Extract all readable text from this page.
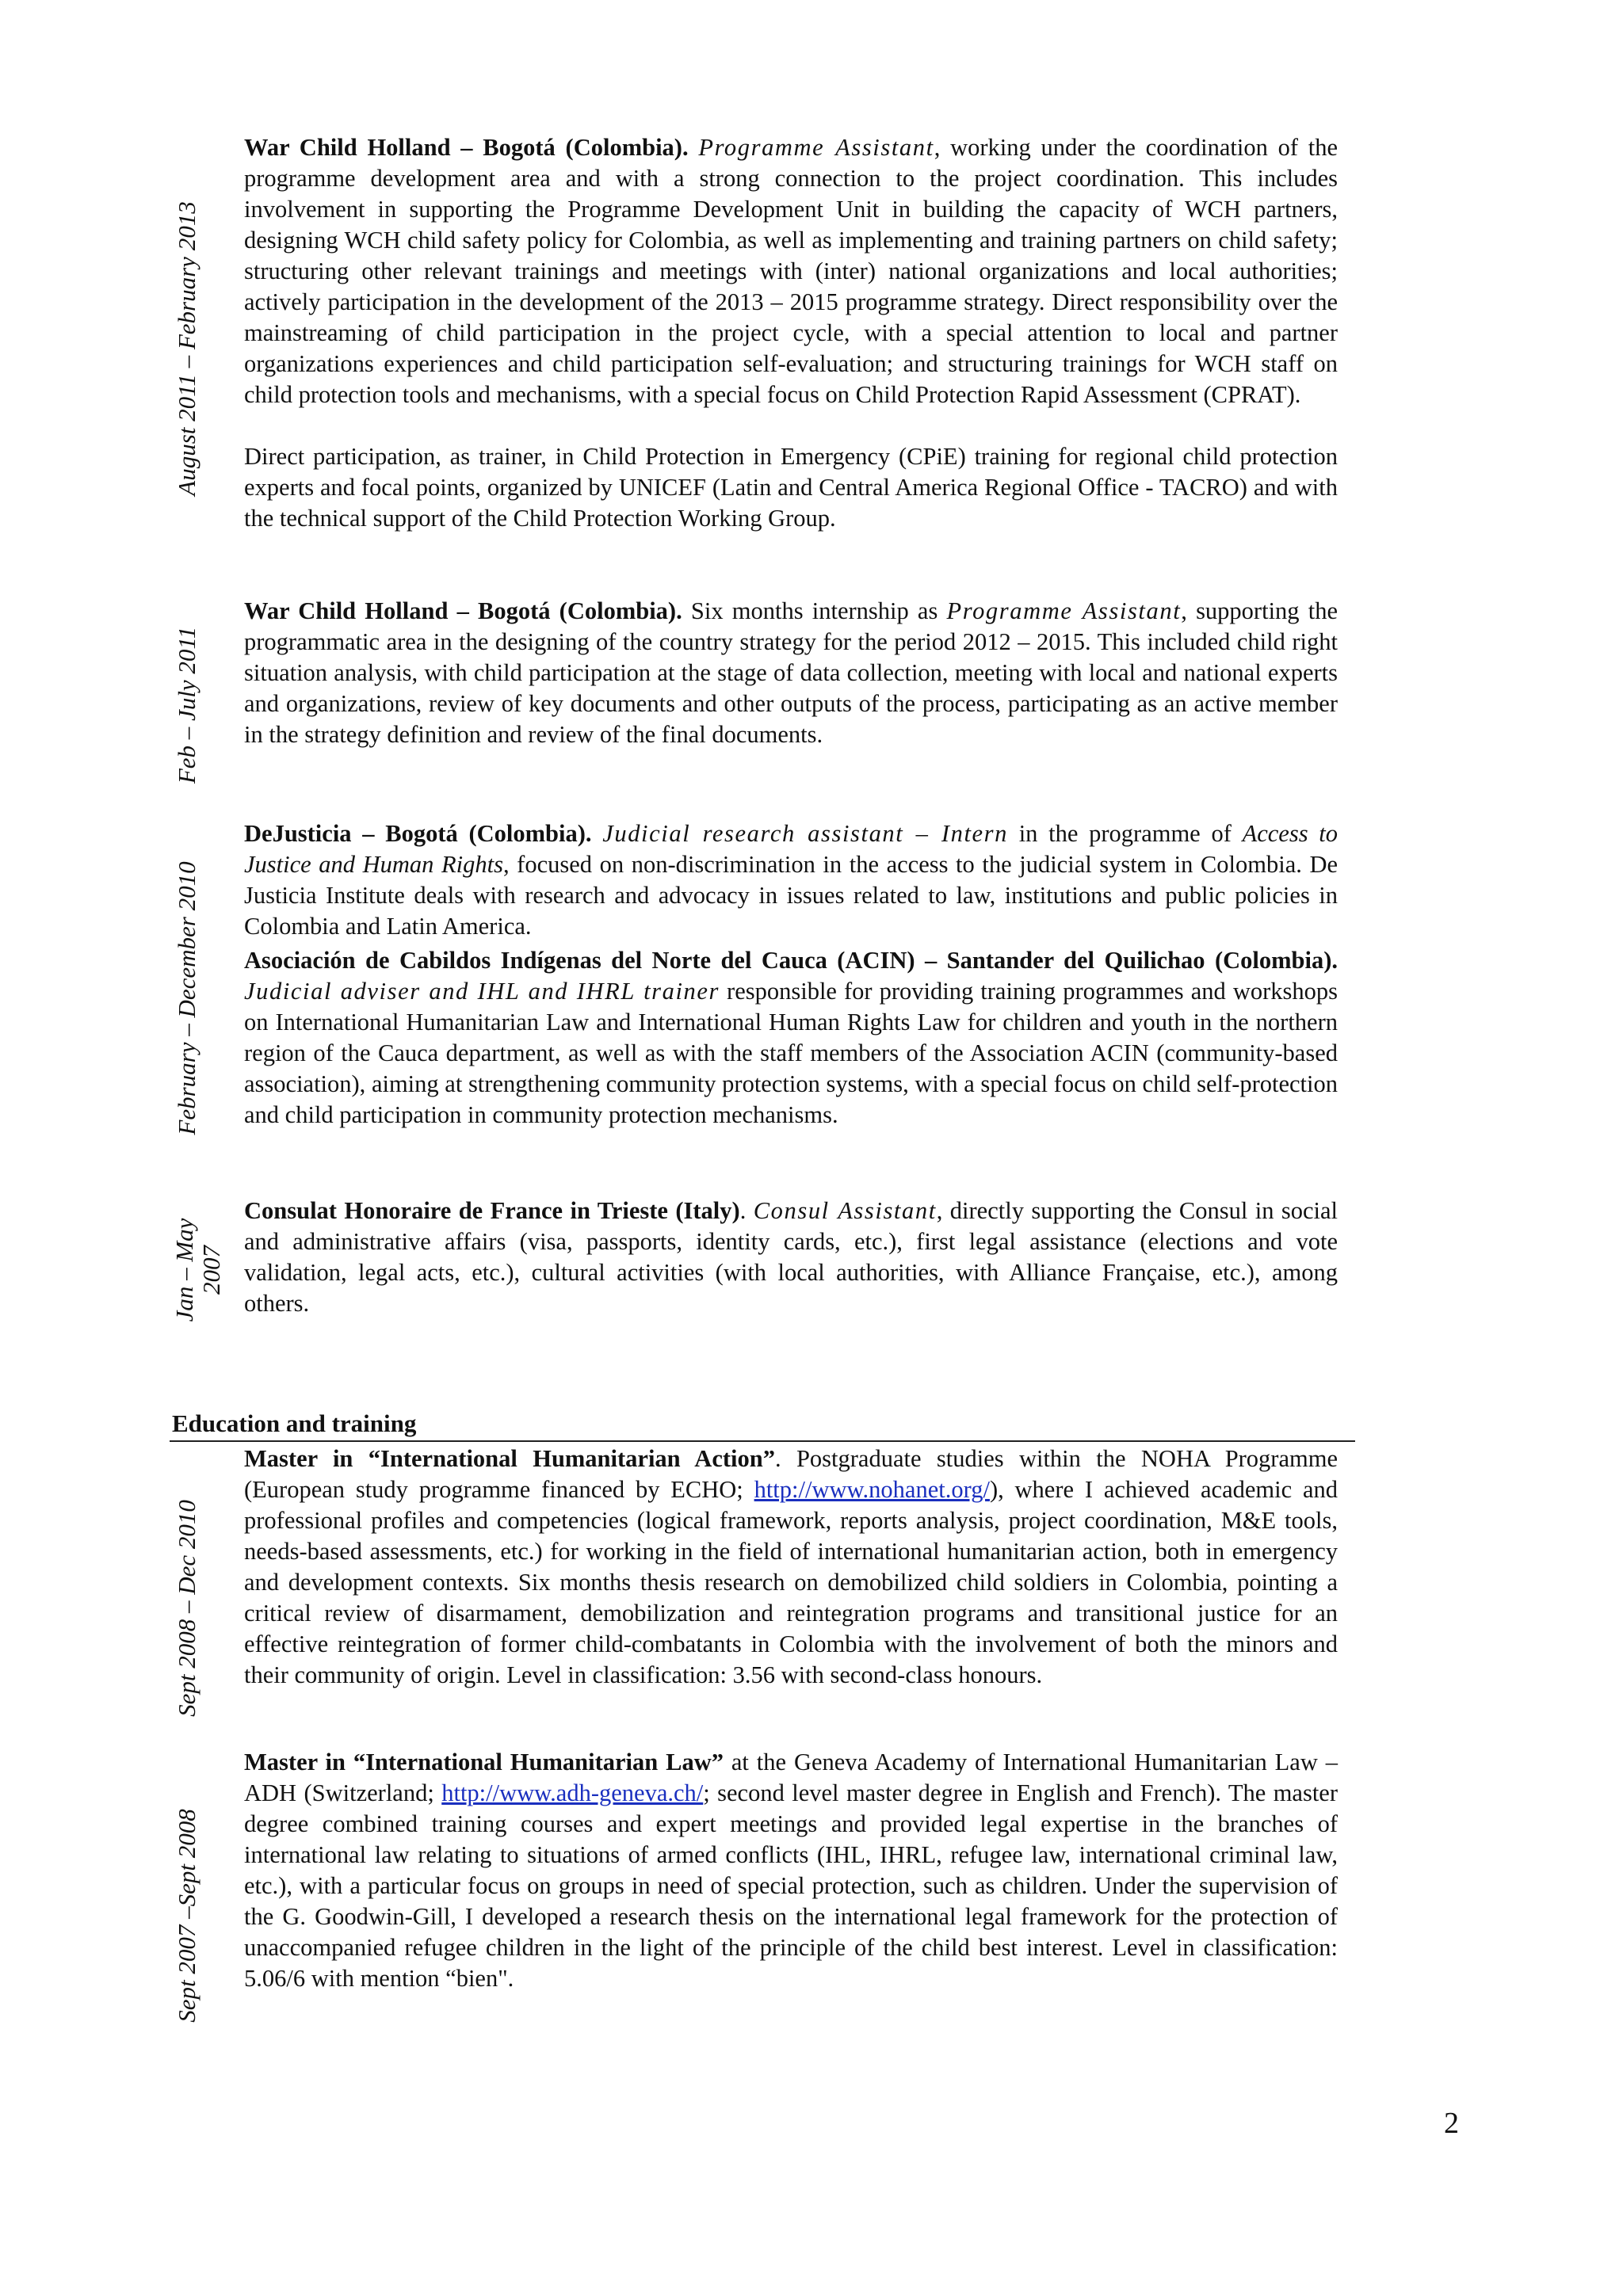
August 2011 – February 2013
Feb – July 2011
February – December 2010
Jan – May
2007
Sept 2008 – Dec 2010
Sept 2007 –Sept 2008

War Child Holland – Bogotá (Colombia). Programme Assistant, working under the coordination of the programme development area and with a strong connection to the project coordination. This includes involvement in supporting the Programme Development Unit in building the capacity of WCH partners, designing WCH child safety policy for Colombia, as well as implementing and training partners on child safety; structuring other relevant trainings and meetings with (inter) national organizations and local authorities; actively participation in the development of the 2013 – 2015 programme strategy. Direct responsibility over the mainstreaming of child participation in the project cycle, with a special attention to local and partner organizations experiences and child participation self-evaluation; and structuring trainings for WCH staff on child protection tools and mechanisms, with a special focus on Child Protection Rapid Assessment (CPRAT).

Direct participation, as trainer, in Child Protection in Emergency (CPiE) training for regional child protection experts and focal points, organized by UNICEF (Latin and Central America Regional Office - TACRO) and with the technical support of the Child Protection Working Group.

War Child Holland – Bogotá (Colombia). Six months internship as Programme Assistant, supporting the programmatic area in the designing of the country strategy for the period 2012 – 2015. This included child right situation analysis, with child participation at the stage of data collection, meeting with local and national experts and organizations, review of key documents and other outputs of the process, participating as an active member in the strategy definition and review of the final documents.

DeJusticia – Bogotá (Colombia). Judicial research assistant – Intern in the programme of Access to Justice and Human Rights, focused on non-discrimination in the access to the judicial system in Colombia. De Justicia Institute deals with research and advocacy in issues related to law, institutions and public policies in Colombia and Latin America.

Asociación de Cabildos Indígenas del Norte del Cauca (ACIN) – Santander del Quilichao (Colombia). Judicial adviser and IHL and IHRL trainer responsible for providing training programmes and workshops on International Humanitarian Law and International Human Rights Law for children and youth in the northern region of the Cauca department, as well as with the staff members of the Association ACIN (community-based association), aiming at strengthening community protection systems, with a special focus on child self-protection and child participation in community protection mechanisms.

Consulat Honoraire de France in Trieste (Italy). Consul Assistant, directly supporting the Consul in social and administrative affairs (visa, passports, identity cards, etc.), first legal assistance (elections and vote validation, legal acts, etc.), cultural activities (with local authorities, with Alliance Française, etc.), among others.

Education and training

Master in “International Humanitarian Action”. Postgraduate studies within the NOHA Programme (European study programme financed by ECHO; http://www.nohanet.org/), where I achieved academic and professional profiles and competencies (logical framework, reports analysis, project coordination, M&E tools, needs-based assessments, etc.) for working in the field of international humanitarian action, both in emergency and development contexts. Six months thesis research on demobilized child soldiers in Colombia, pointing a critical review of disarmament, demobilization and reintegration programs and transitional justice for an effective reintegration of former child-combatants in Colombia with the involvement of both the minors and their community of origin. Level in classification: 3.56 with second-class honours.

Master in “International Humanitarian Law” at the Geneva Academy of International Humanitarian Law – ADH (Switzerland; http://www.adh-geneva.ch/; second level master degree in English and French). The master degree combined training courses and expert meetings and provided legal expertise in the branches of international law relating to situations of armed conflicts (IHL, IHRL, refugee law, international criminal law, etc.), with a particular focus on groups in need of special protection, such as children. Under the supervision of the G. Goodwin-Gill, I developed a research thesis on the international legal framework for the protection of unaccompanied refugee children in the light of the principle of the child best interest. Level in classification: 5.06/6 with mention “bien".

2
